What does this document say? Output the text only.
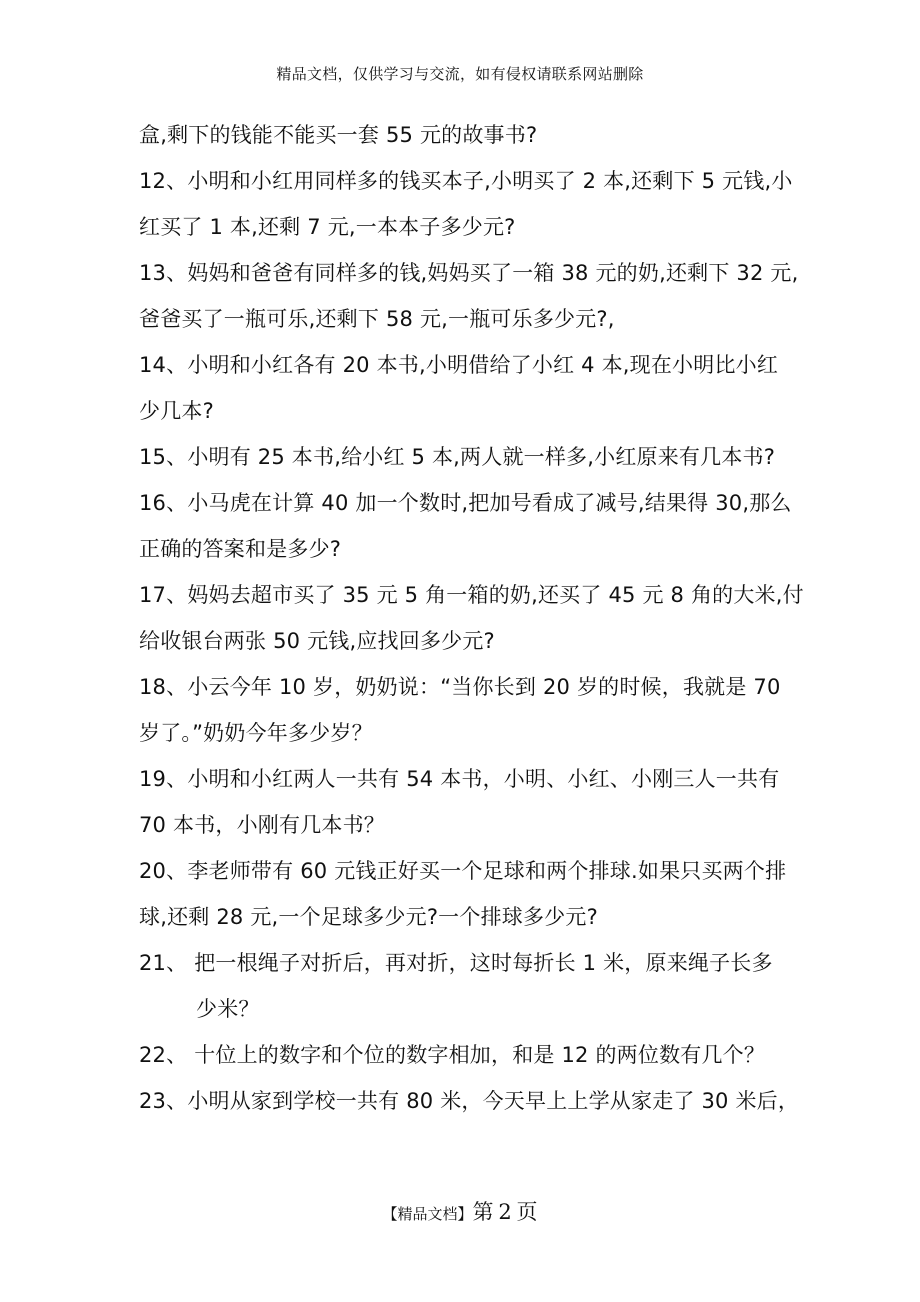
精品文档，仅供学习与交流，如有侵权请联系网站删除
盒,剩下的钱能不能买一套 55 元的故事书?
12、小明和小红用同样多的钱买本子,小明买了 2 本,还剩下 5 元钱,小
红买了 1 本,还剩 7 元,一本本子多少元?
13、妈妈和爸爸有同样多的钱,妈妈买了一箱 38 元的奶,还剩下 32 元,
爸爸买了一瓶可乐,还剩下 58 元,一瓶可乐多少元?,
14、小明和小红各有 20 本书,小明借给了小红 4 本,现在小明比小红
少几本?
15、小明有 25 本书,给小红 5 本,两人就一样多,小红原来有几本书?
16、小马虎在计算 40 加一个数时,把加号看成了减号,结果得 30,那么
正确的答案和是多少?
17、妈妈去超市买了 35 元 5 角一箱的奶,还买了 45 元 8 角的大米,付
给收银台两张 50 元钱,应找回多少元?
18、小云今年 10 岁，奶奶说：“当你长到 20 岁的时候，我就是 70
岁了。”奶奶今年多少岁？
19、小明和小红两人一共有 54 本书，小明、小红、小刚三人一共有
70 本书，小刚有几本书？
20、李老师带有 60 元钱正好买一个足球和两个排球.如果只买两个排
球,还剩 28 元,一个足球多少元?一个排球多少元?
21、 把一根绳子对折后，再对折，这时每折长 1 米，原来绳子长多
少米？
22、 十位上的数字和个位的数字相加，和是 12 的两位数有几个？
23、小明从家到学校一共有 80 米，今天早上上学从家走了 30 米后，
【精品文档】第 2 页
